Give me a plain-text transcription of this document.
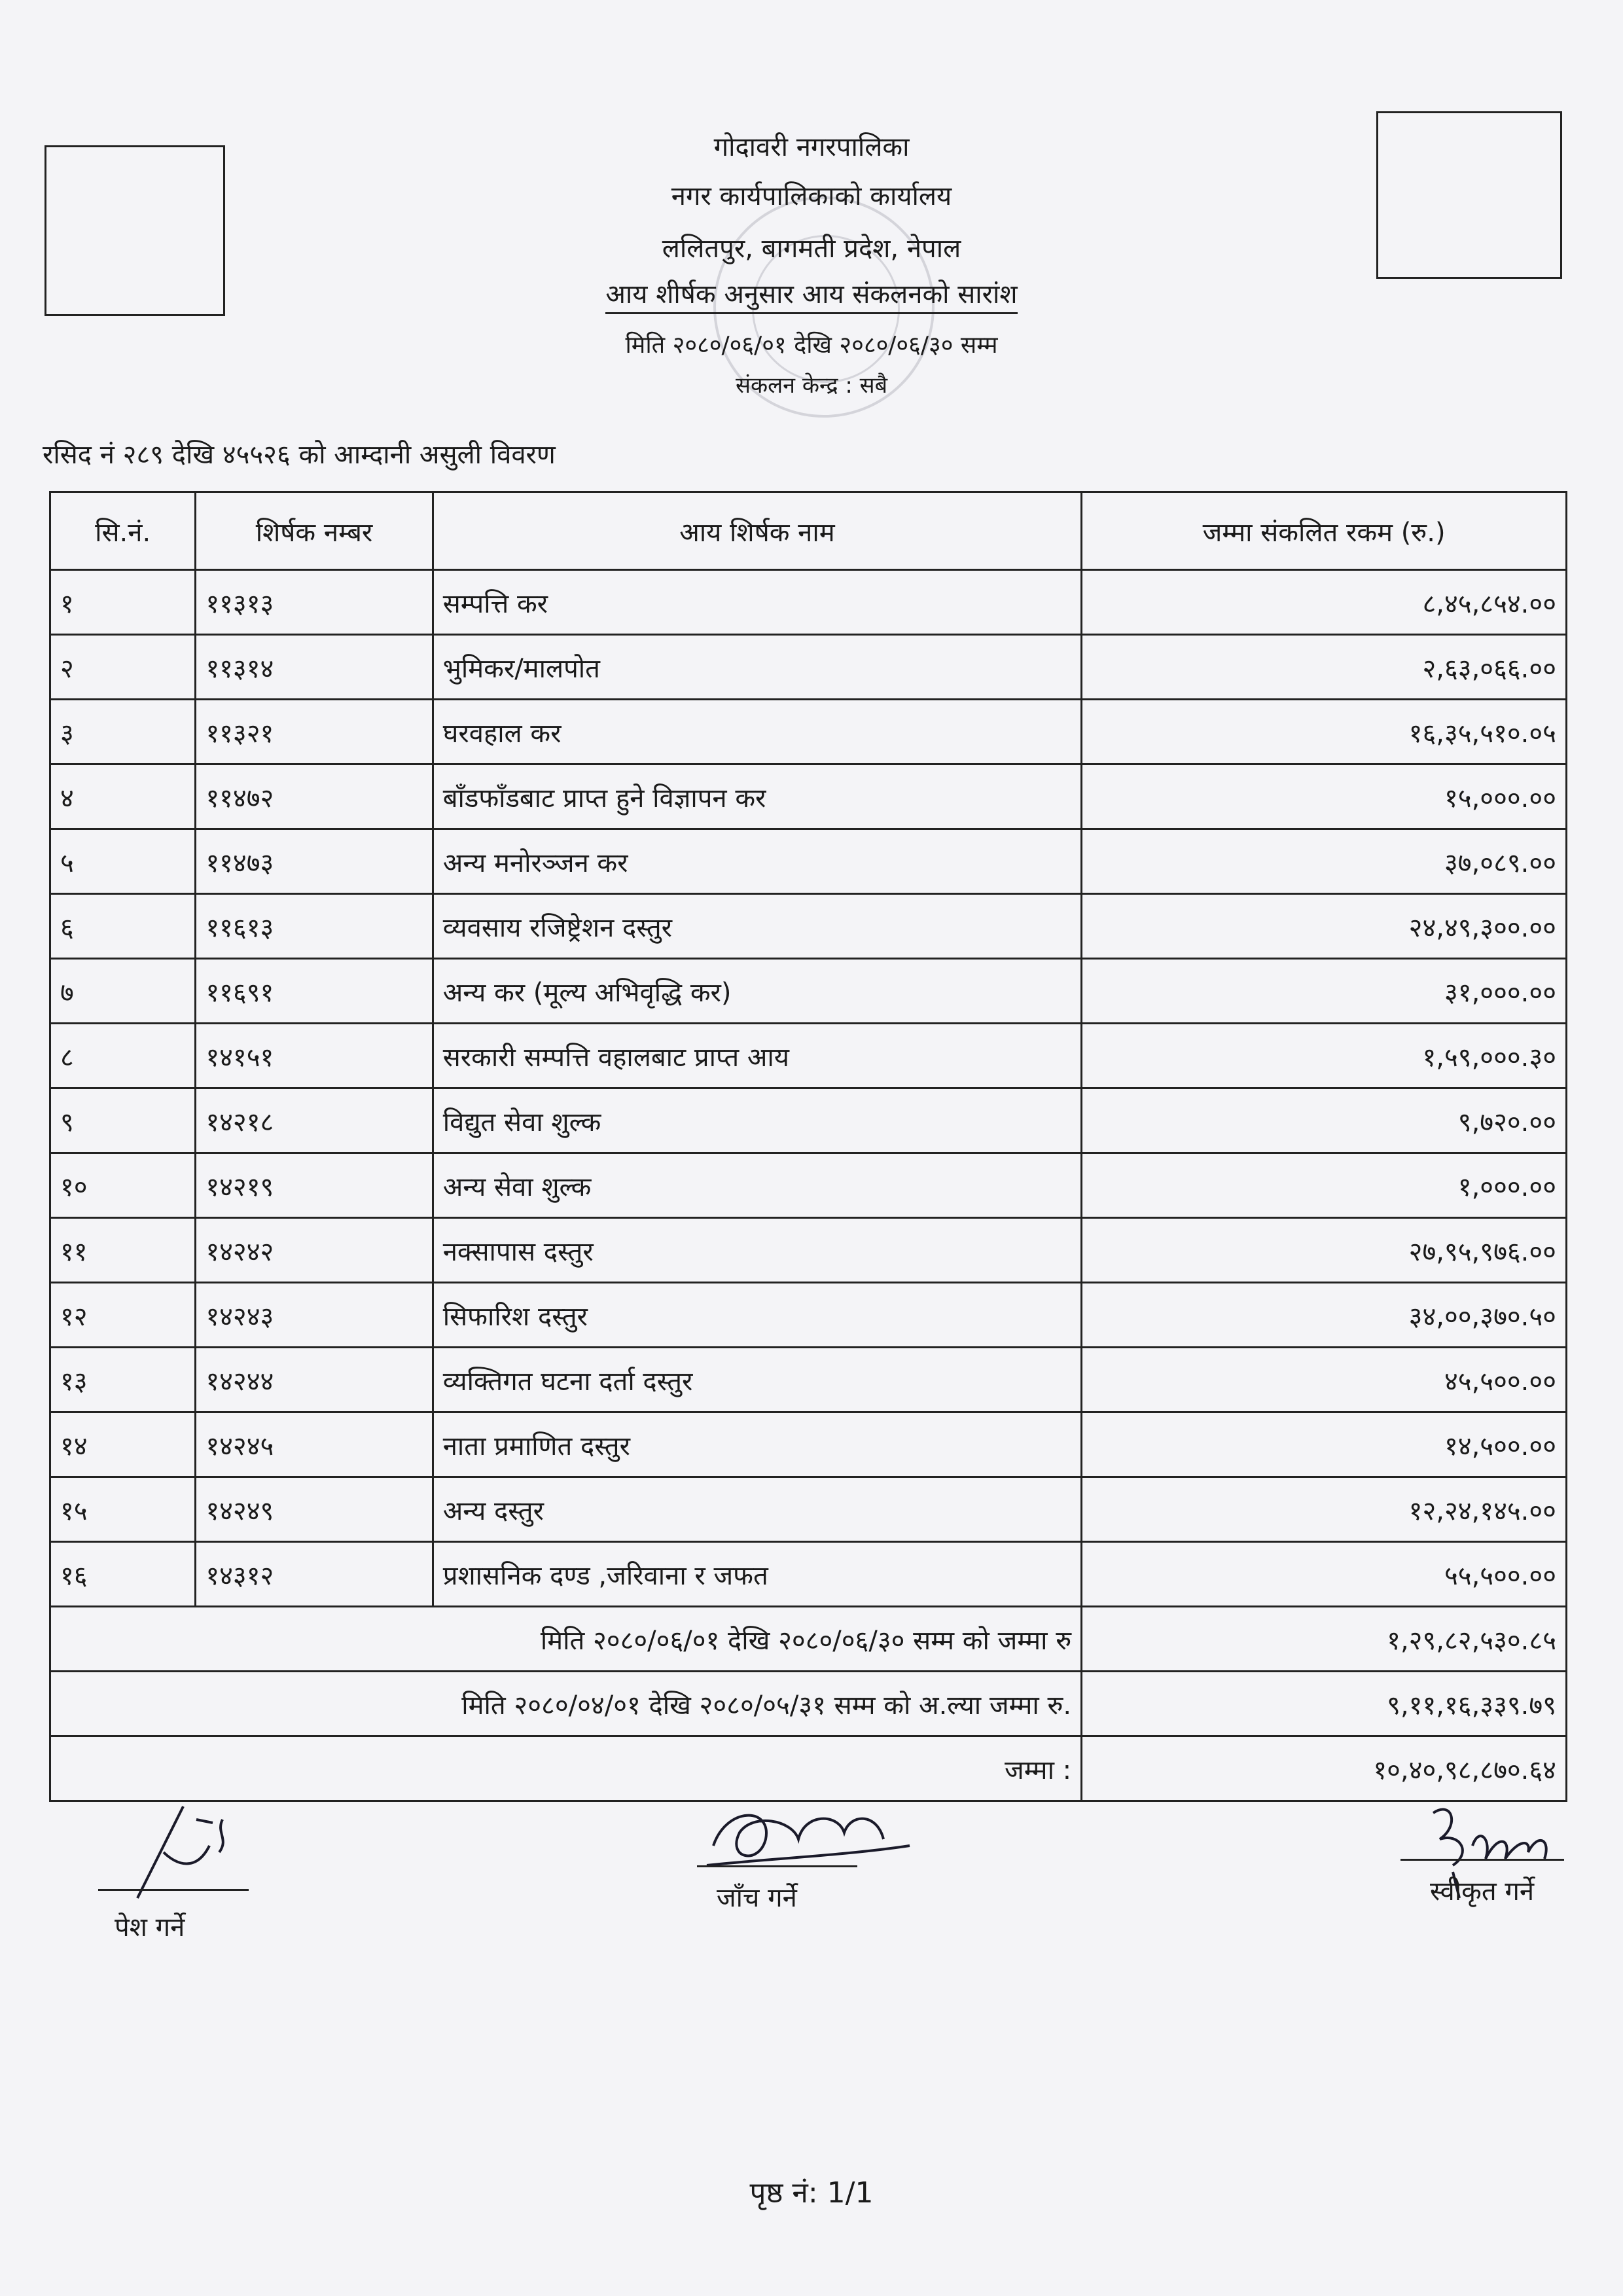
गोदावरी नगरपालिका
नगर कार्यपालिकाको कार्यालय
ललितपुर, बागमती प्रदेश, नेपाल
आय शीर्षक अनुसार आय संकलनको सारांश
मिति २०८०/०६/०१ देखि २०८०/०६/३० सम्म
संकलन केन्द्र : सबै
रसिद नं २८९ देखि ४५५२६ को आम्दानी असुली विवरण
सि.नं.	शिर्षक नम्बर	आय शिर्षक नाम	जम्मा संकलित रकम (रु.)
१	११३१३	सम्पत्ति कर	८,४५,८५४.००
२	११३१४	भुमिकर/मालपोत	२,६३,०६६.००
३	११३२१	घरवहाल कर	१६,३५,५१०.०५
४	११४७२	बाँडफाँडबाट प्राप्त हुने विज्ञापन कर	१५,०००.००
५	११४७३	अन्य मनोरञ्जन कर	३७,०८९.००
६	११६१३	व्यवसाय रजिष्ट्रेशन दस्तुर	२४,४९,३००.००
७	११६९१	अन्य कर (मूल्य अभिवृद्धि कर)	३१,०००.००
८	१४१५१	सरकारी सम्पत्ति वहालबाट प्राप्त आय	१,५९,०००.३०
९	१४२१८	विद्युत सेवा शुल्क	९,७२०.००
१०	१४२१९	अन्य सेवा शुल्क	१,०००.००
११	१४२४२	नक्सापास दस्तुर	२७,९५,९७६.००
१२	१४२४३	सिफारिश दस्तुर	३४,००,३७०.५०
१३	१४२४४	व्यक्तिगत घटना दर्ता दस्तुर	४५,५००.००
१४	१४२४५	नाता प्रमाणित दस्तुर	१४,५००.००
१५	१४२४९	अन्य दस्तुर	१२,२४,१४५.००
१६	१४३१२	प्रशासनिक दण्ड ,जरिवाना र जफत	५५,५००.००
मिति २०८०/०६/०१ देखि २०८०/०६/३० सम्म को जम्मा रु			१,२९,८२,५३०.८५
मिति २०८०/०४/०१ देखि २०८०/०५/३१ सम्म को अ.ल्या जम्मा रु.			९,११,१६,३३९.७९
जम्मा :			१०,४०,९८,८७०.६४
पेश गर्ने
जाँच गर्ने	स्वीकृत गर्ने
पृष्ठ नं: 1/1
